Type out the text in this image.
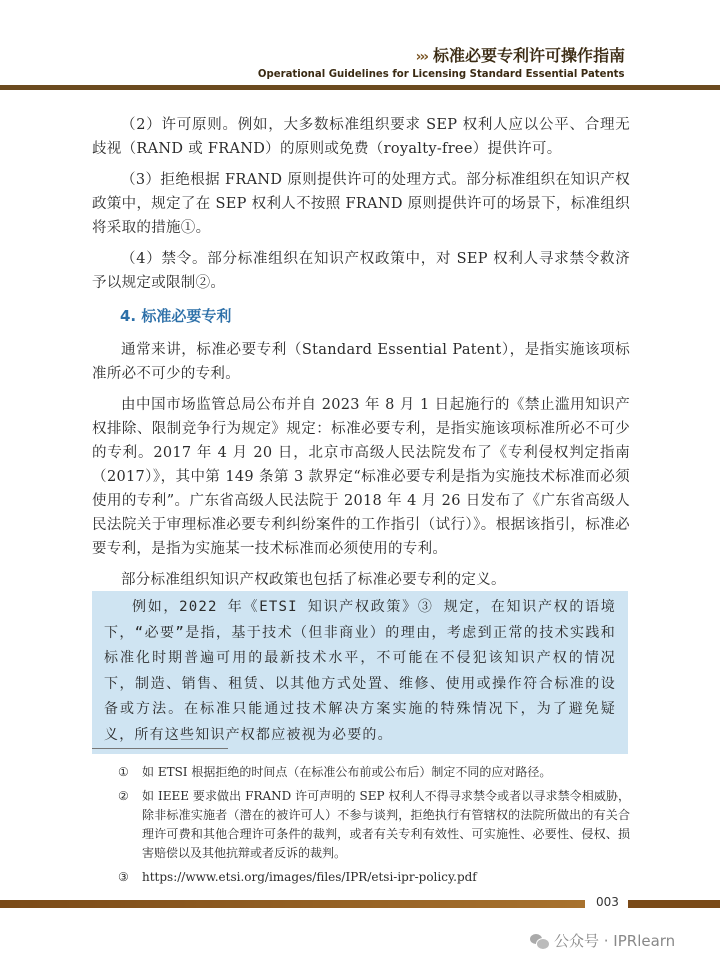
››› 标准必要专利许可操作指南
Operational Guidelines for Licensing Standard Essential Patents

（2）许可原则。例如，大多数标准组织要求 SEP 权利人应以公平、合理无歧视（RAND 或 FRAND）的原则或免费（royalty-free）提供许可。

（3）拒绝根据 FRAND 原则提供许可的处理方式。部分标准组织在知识产权政策中，规定了在 SEP 权利人不按照 FRAND 原则提供许可的场景下，标准组织将采取的措施①。

（4）禁令。部分标准组织在知识产权政策中，对 SEP 权利人寻求禁令救济予以规定或限制②。

4. 标准必要专利

通常来讲，标准必要专利（Standard Essential Patent），是指实施该项标准所必不可少的专利。

由中国市场监管总局公布并自 2023 年 8 月 1 日起施行的《禁止滥用知识产权排除、限制竞争行为规定》规定：标准必要专利，是指实施该项标准所必不可少的专利。2017 年 4 月 20 日，北京市高级人民法院发布了《专利侵权判定指南（2017）》，其中第 149 条第 3 款界定“标准必要专利是指为实施技术标准而必须使用的专利”。广东省高级人民法院于 2018 年 4 月 26 日发布了《广东省高级人民法院关于审理标准必要专利纠纷案件的工作指引（试行）》。根据该指引，标准必要专利，是指为实施某一技术标准而必须使用的专利。

部分标准组织知识产权政策也包括了标准必要专利的定义。

例如，2022 年《ETSI 知识产权政策》③ 规定，在知识产权的语境下，“必要”是指，基于技术（但非商业）的理由，考虑到正常的技术实践和标准化时期普遍可用的最新技术水平，不可能在不侵犯该知识产权的情况下，制造、销售、租赁、以其他方式处置、维修、使用或操作符合标准的设备或方法。在标准只能通过技术解决方案实施的特殊情况下，为了避免疑义，所有这些知识产权都应被视为必要的。

① 如 ETSI 根据拒绝的时间点（在标准公布前或公布后）制定不同的应对路径。
② 如 IEEE 要求做出 FRAND 许可声明的 SEP 权利人不得寻求禁令或者以寻求禁令相威胁，除非标准实施者（潜在的被许可人）不参与谈判，拒绝执行有管辖权的法院所做出的有关合理许可费和其他合理许可条件的裁判，或者有关专利有效性、可实施性、必要性、侵权、损害赔偿以及其他抗辩或者反诉的裁判。
③ https://www.etsi.org/images/files/IPR/etsi-ipr-policy.pdf
003
公众号 · IPRlearn
